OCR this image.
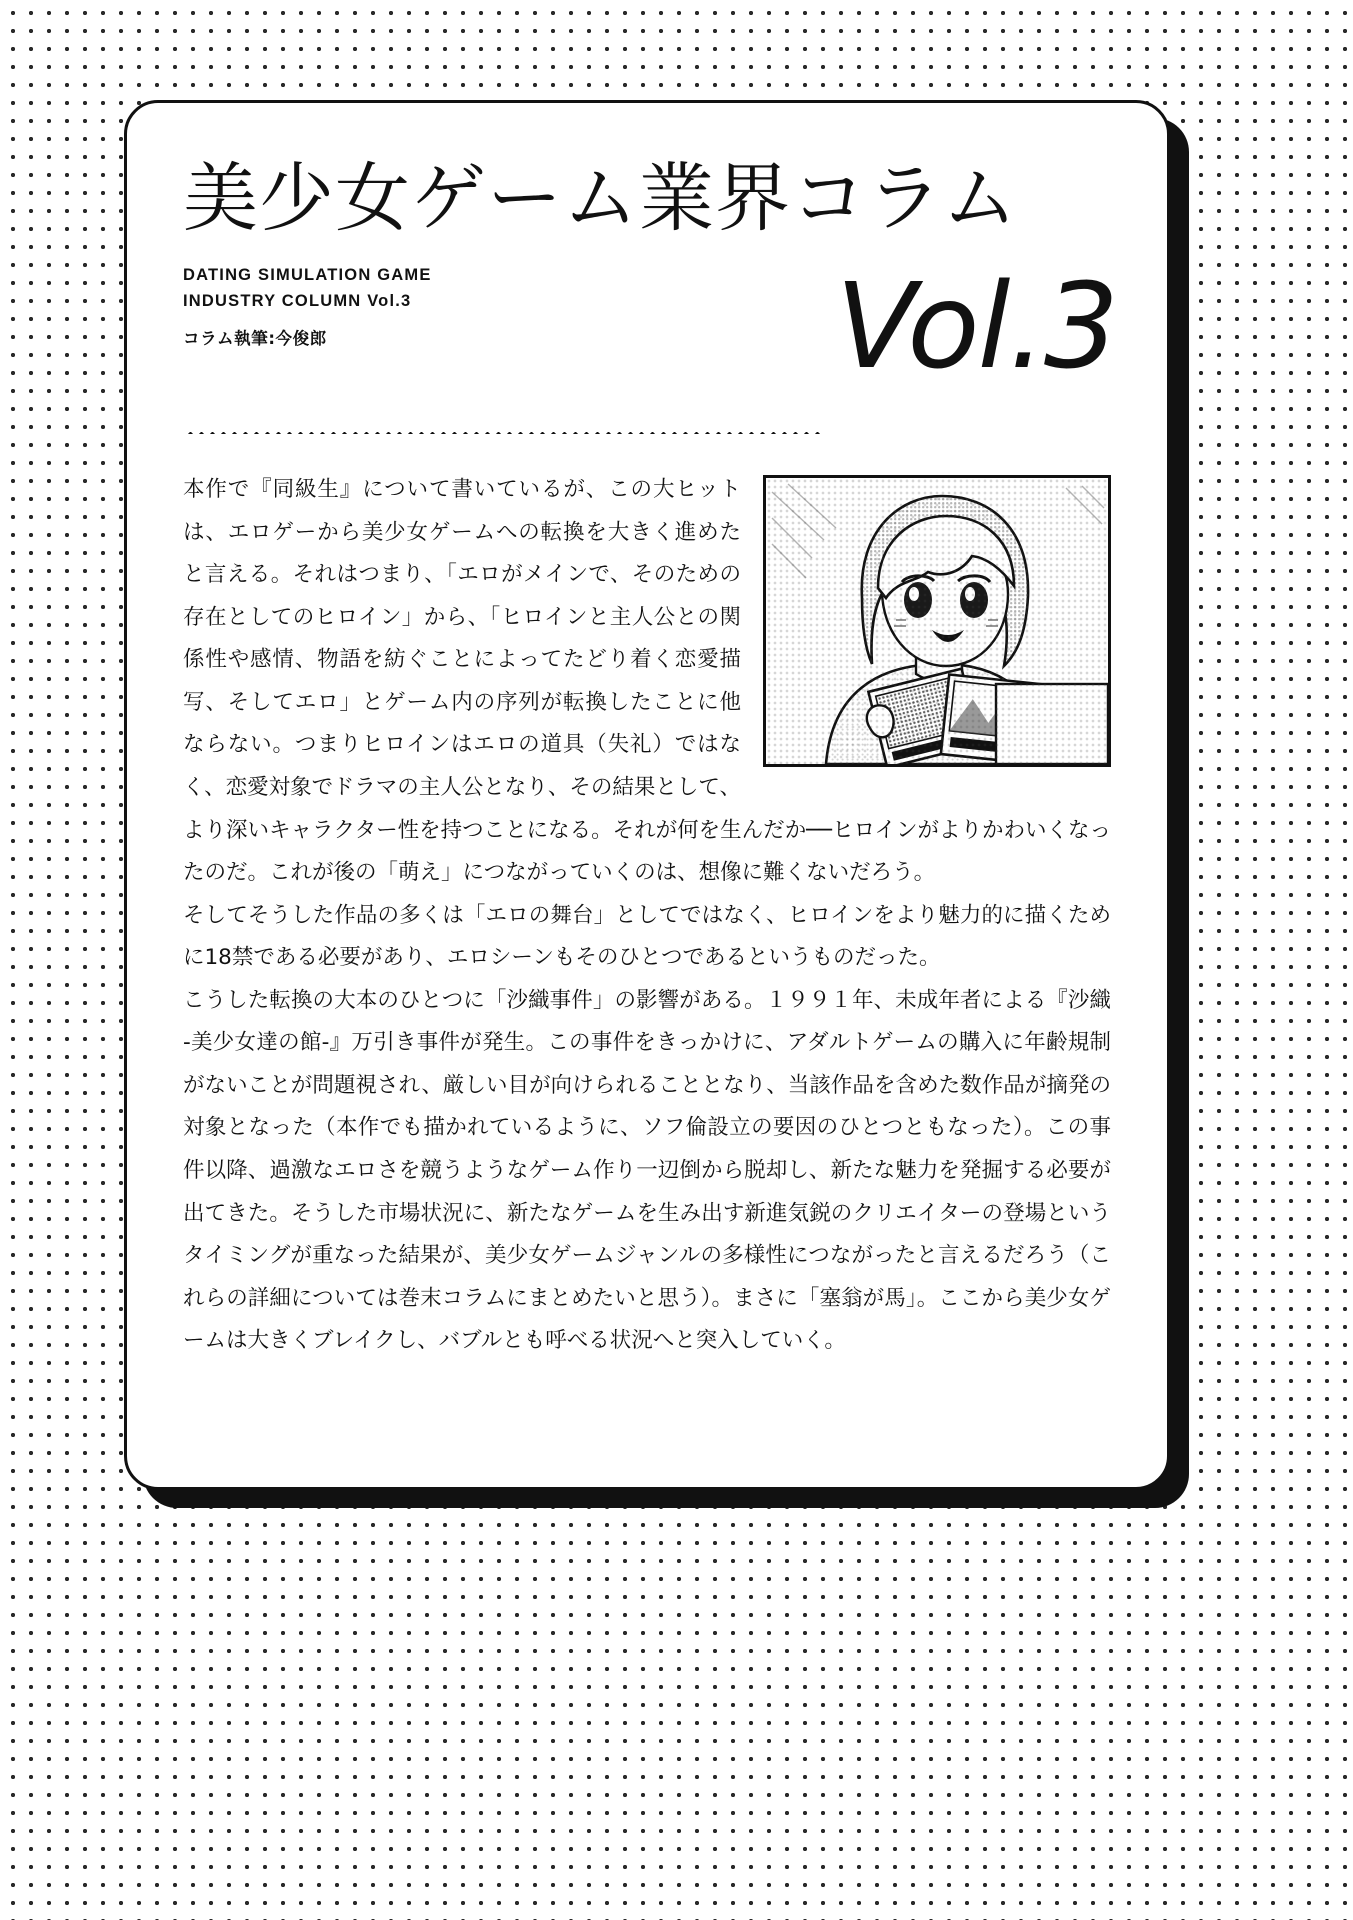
美少女ゲーム業界コラム
DATING SIMULATION GAME
INDUSTRY COLUMN Vol.3
コラム執筆:今俊郎	Vol.3

本作で『同級生』について書いているが、この大ヒットは、エロゲーから美少女ゲームへの転換を大きく進めたと言える。それはつまり、「エロがメインで、そのための存在としてのヒロイン」から、「ヒロインと主人公との関係性や感情、物語を紡ぐことによってたどり着く恋愛描写、そしてエロ」とゲーム内の序列が転換したことに他ならない。つまりヒロインはエロの道具（失礼）ではなく、恋愛対象でドラマの主人公となり、その結果として、より深いキャラクター性を持つことになる。それが何を生んだか──ヒロインがよりかわいくなったのだ。これが後の「萌え」につながっていくのは、想像に難くないだろう。

そしてそうした作品の多くは「エロの舞台」としてではなく、ヒロインをより魅力的に描くために18禁である必要があり、エロシーンもそのひとつであるというものだった。

こうした転換の大本のひとつに「沙織事件」の影響がある。１９９１年、未成年者による『沙織 -美少女達の館-』万引き事件が発生。この事件をきっかけに、アダルトゲームの購入に年齢規制がないことが問題視され、厳しい目が向けられることとなり、当該作品を含めた数作品が摘発の対象となった（本作でも描かれているように、ソフ倫設立の要因のひとつともなった）。この事件以降、過激なエロさを競うようなゲーム作り一辺倒から脱却し、新たな魅力を発掘する必要が出てきた。そうした市場状況に、新たなゲームを生み出す新進気鋭のクリエイターの登場というタイミングが重なった結果が、美少女ゲームジャンルの多様性につながったと言えるだろう（これらの詳細については巻末コラムにまとめたいと思う）。まさに「塞翁が馬」。ここから美少女ゲームは大きくブレイクし、バブルとも呼べる状況へと突入していく。
